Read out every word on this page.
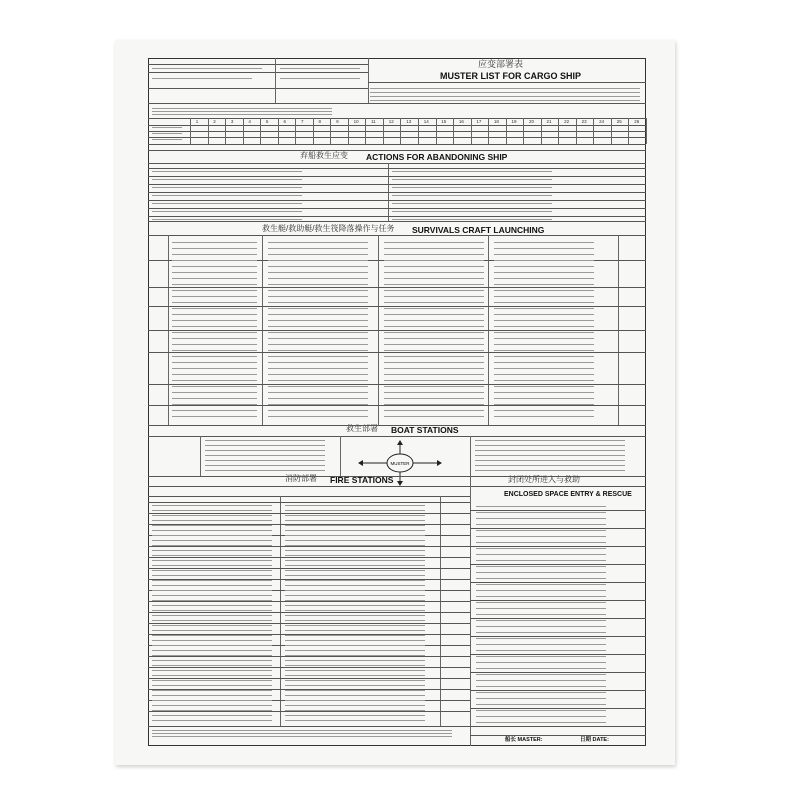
应变部署表
MUSTER LIST FOR CARGO SHIP
弃船救生应变 ACTIONS FOR ABANDONING SHIP
救生艇/救助艇/救生筏降落操作与任务 SURVIVALS CRAFT LAUNCHING
救生部署 BOAT STATIONS
消防部署 FIRE STATIONS	封闭处所进入与救助
ENCLOSED SPACE ENTRY & RESCUE
船长 MASTER:	日期 DATE:
MUSTER
1	2	3	4	5	6	7	8	9	10	11	12	13	14	15	16	17	18	19	20	21	22	23	24	25	26
